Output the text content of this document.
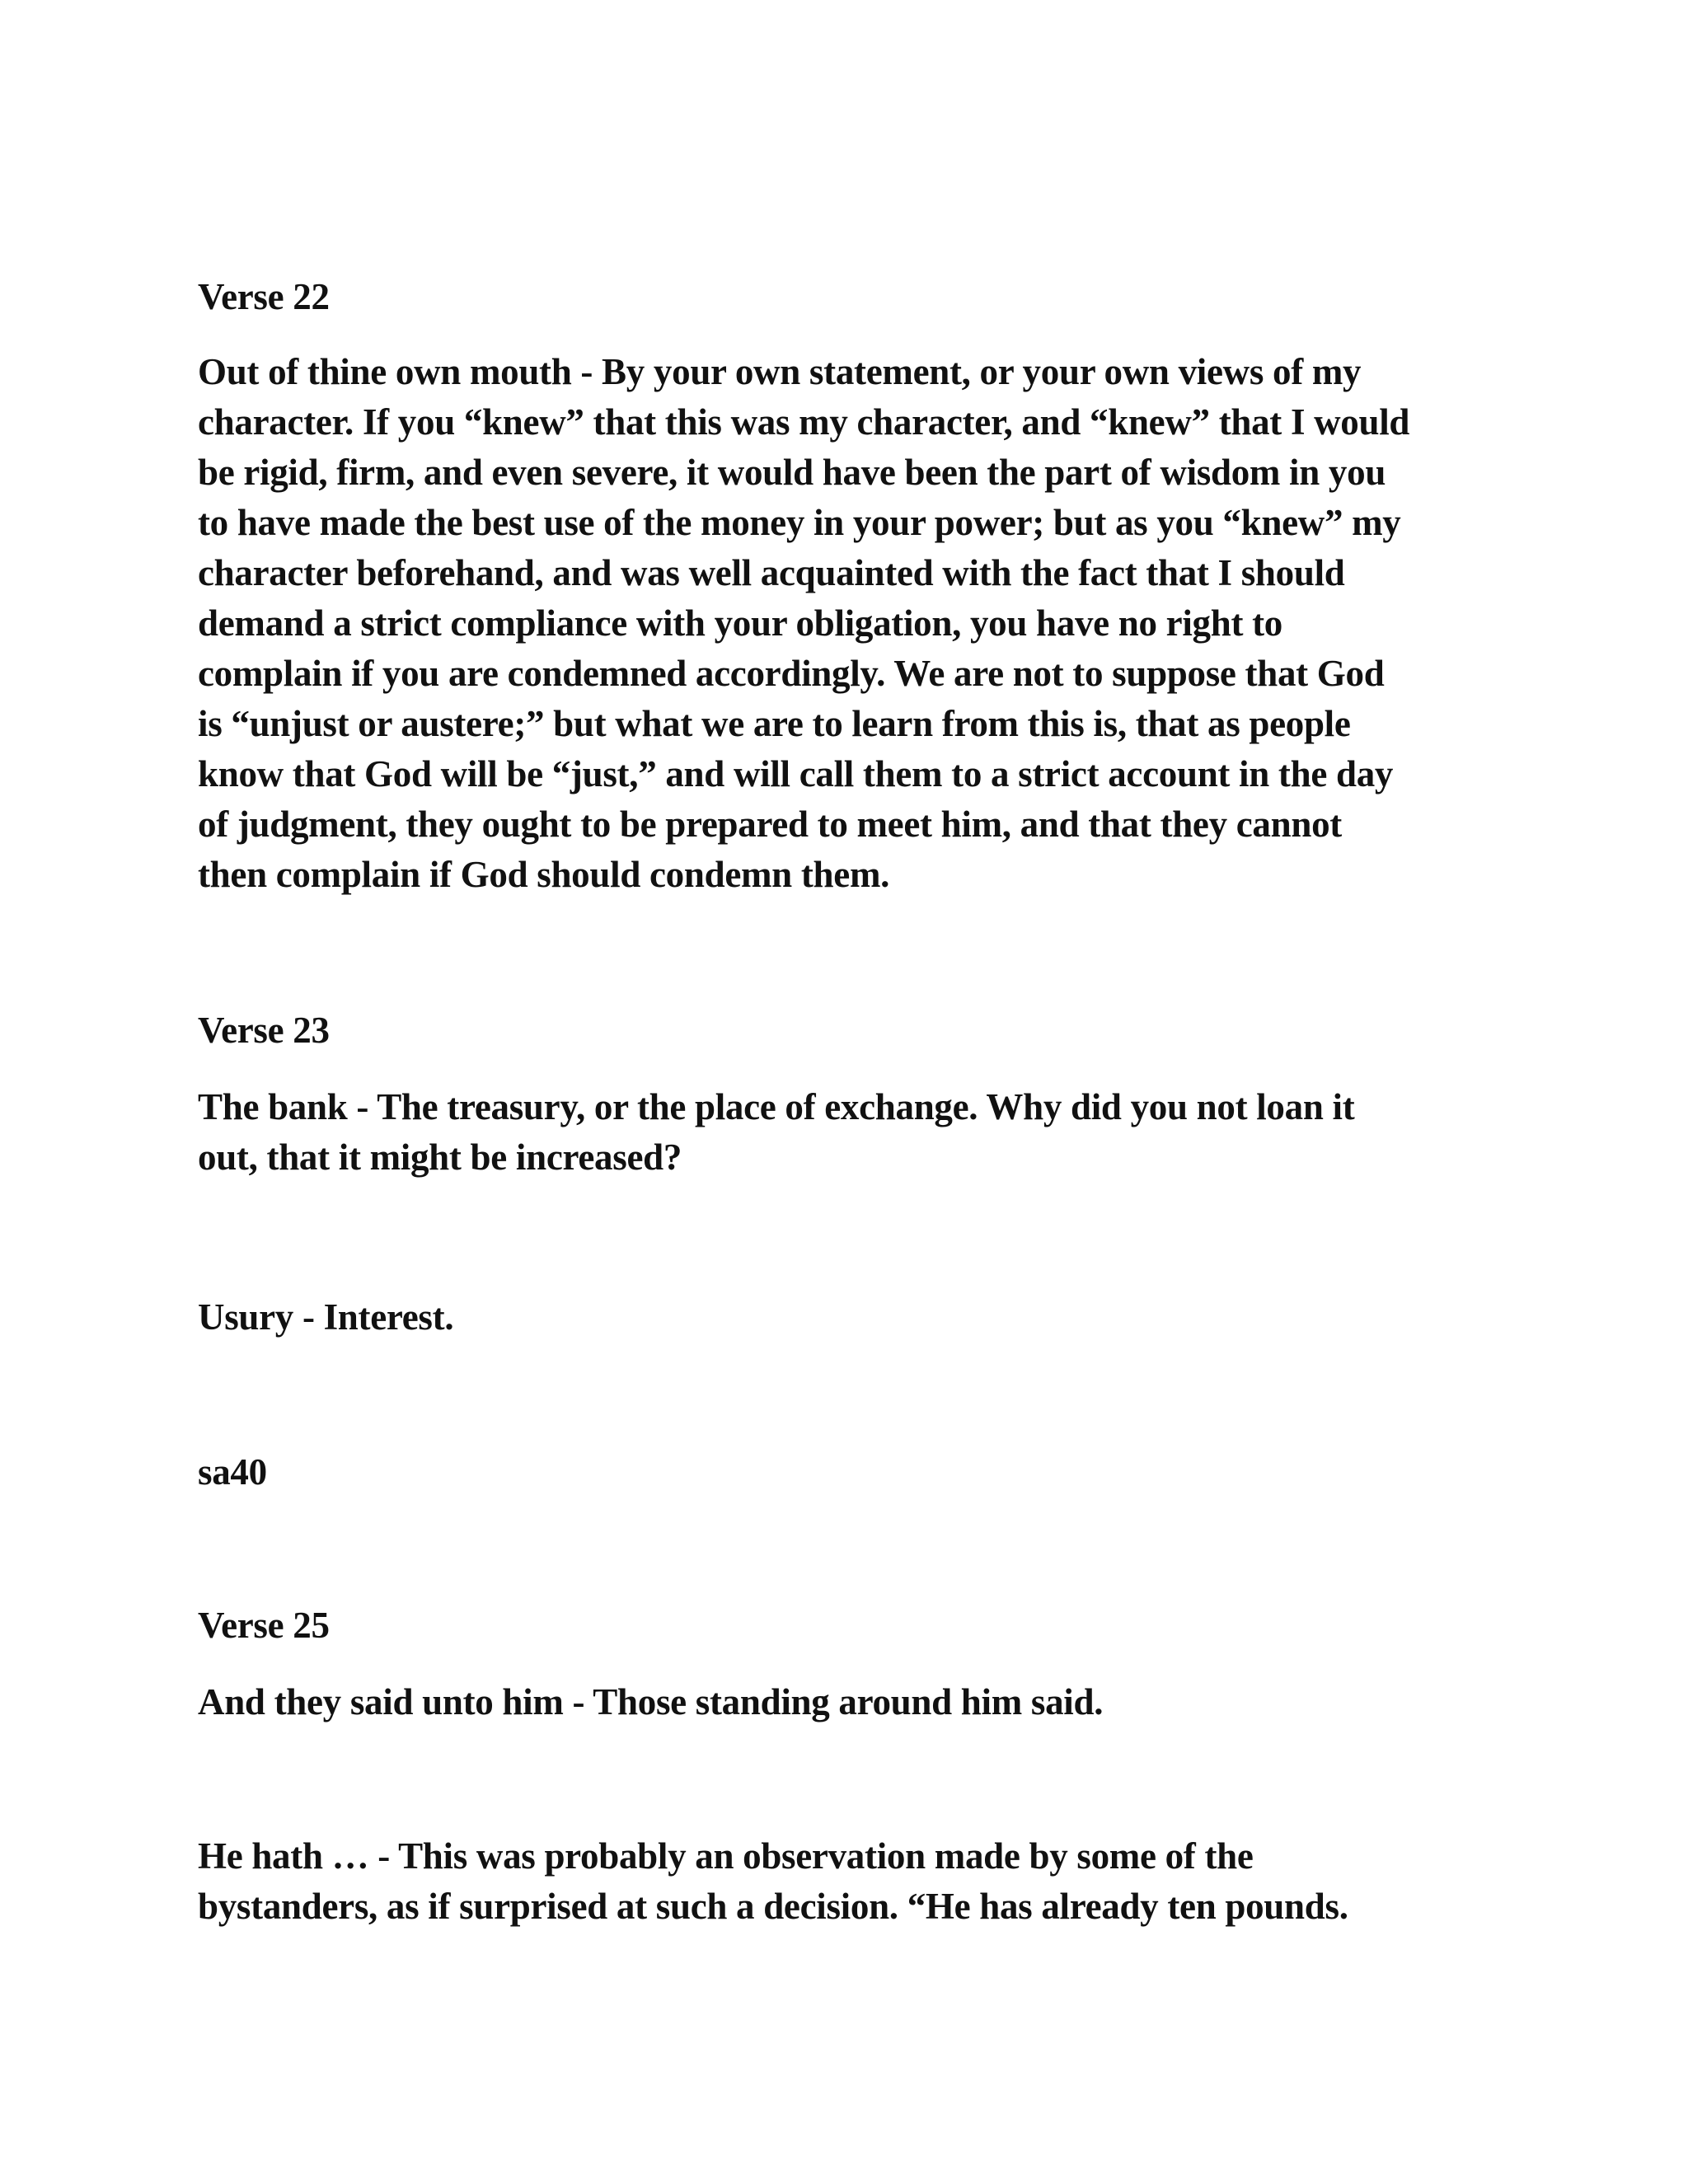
Verse 22

Out of thine own mouth - By your own statement, or your own views of my
character. If you “knew” that this was my character, and “knew” that I would
be rigid, firm, and even severe, it would have been the part of wisdom in you
to have made the best use of the money in your power; but as you “knew” my
character beforehand, and was well acquainted with the fact that I should
demand a strict compliance with your obligation, you have no right to
complain if you are condemned accordingly. We are not to suppose that God
is “unjust or austere;” but what we are to learn from this is, that as people
know that God will be “just,” and will call them to a strict account in the day
of judgment, they ought to be prepared to meet him, and that they cannot
then complain if God should condemn them.

Verse 23

The bank - The treasury, or the place of exchange. Why did you not loan it
out, that it might be increased?

Usury - Interest.

sa40

Verse 25

And they said unto him - Those standing around him said.

He hath … - This was probably an observation made by some of the
bystanders, as if surprised at such a decision. “He has already ten pounds.
